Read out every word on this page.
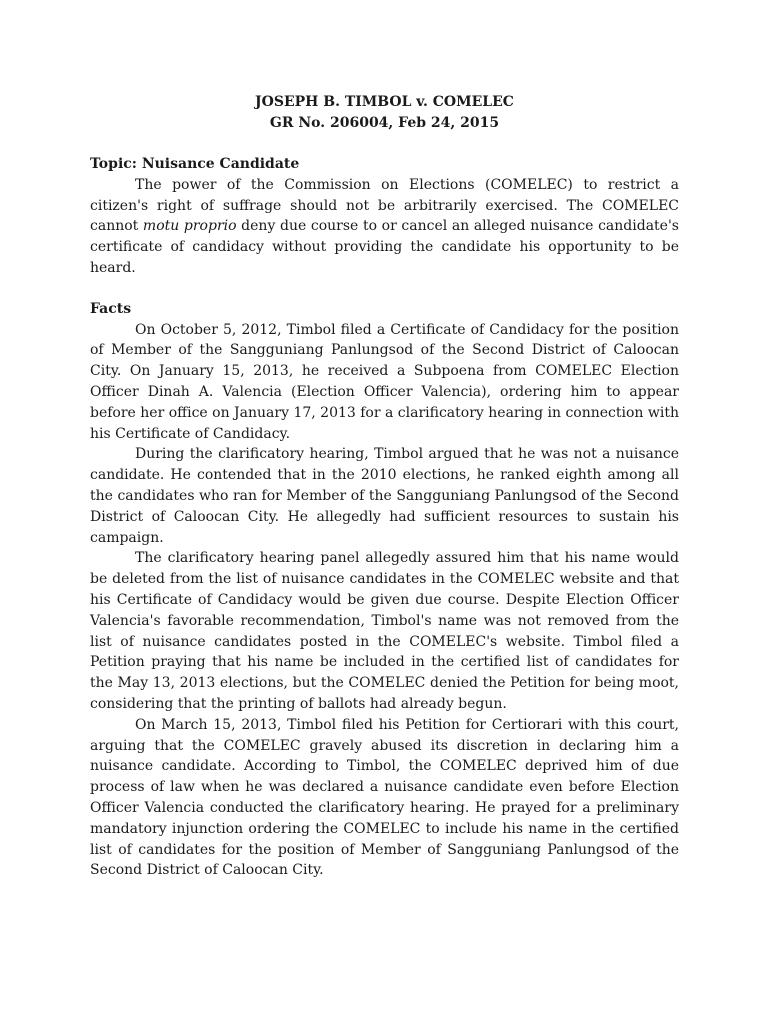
JOSEPH B. TIMBOL v. COMELEC
GR No. 206004, Feb 24, 2015
Topic: Nuisance Candidate

The power of the Commission on Elections (COMELEC) to restrict a citizen's right of suffrage should not be arbitrarily exercised. The COMELEC cannot motu proprio deny due course to or cancel an alleged nuisance candidate's certificate of candidacy without providing the candidate his opportunity to be heard.

Facts

On October 5, 2012, Timbol filed a Certificate of Candidacy for the position of Member of the Sangguniang Panlungsod of the Second District of Caloocan City. On January 15, 2013, he received a Subpoena from COMELEC Election Officer Dinah A. Valencia (Election Officer Valencia), ordering him to appear before her office on January 17, 2013 for a clarificatory hearing in connection with his Certificate of Candidacy.

During the clarificatory hearing, Timbol argued that he was not a nuisance candidate. He contended that in the 2010 elections, he ranked eighth among all the candidates who ran for Member of the Sangguniang Panlungsod of the Second District of Caloocan City. He allegedly had sufficient resources to sustain his campaign.

The clarificatory hearing panel allegedly assured him that his name would be deleted from the list of nuisance candidates in the COMELEC website and that his Certificate of Candidacy would be given due course. Despite Election Officer Valencia's favorable recommendation, Timbol's name was not removed from the list of nuisance candidates posted in the COMELEC's website. Timbol filed a Petition praying that his name be included in the certified list of candidates for the May 13, 2013 elections, but the COMELEC denied the Petition for being moot, considering that the printing of ballots had already begun.

On March 15, 2013, Timbol filed his Petition for Certiorari with this court, arguing that the COMELEC gravely abused its discretion in declaring him a nuisance candidate. According to Timbol, the COMELEC deprived him of due process of law when he was declared a nuisance candidate even before Election Officer Valencia conducted the clarificatory hearing. He prayed for a preliminary mandatory injunction ordering the COMELEC to include his name in the certified list of candidates for the position of Member of Sangguniang Panlungsod of the Second District of Caloocan City.
